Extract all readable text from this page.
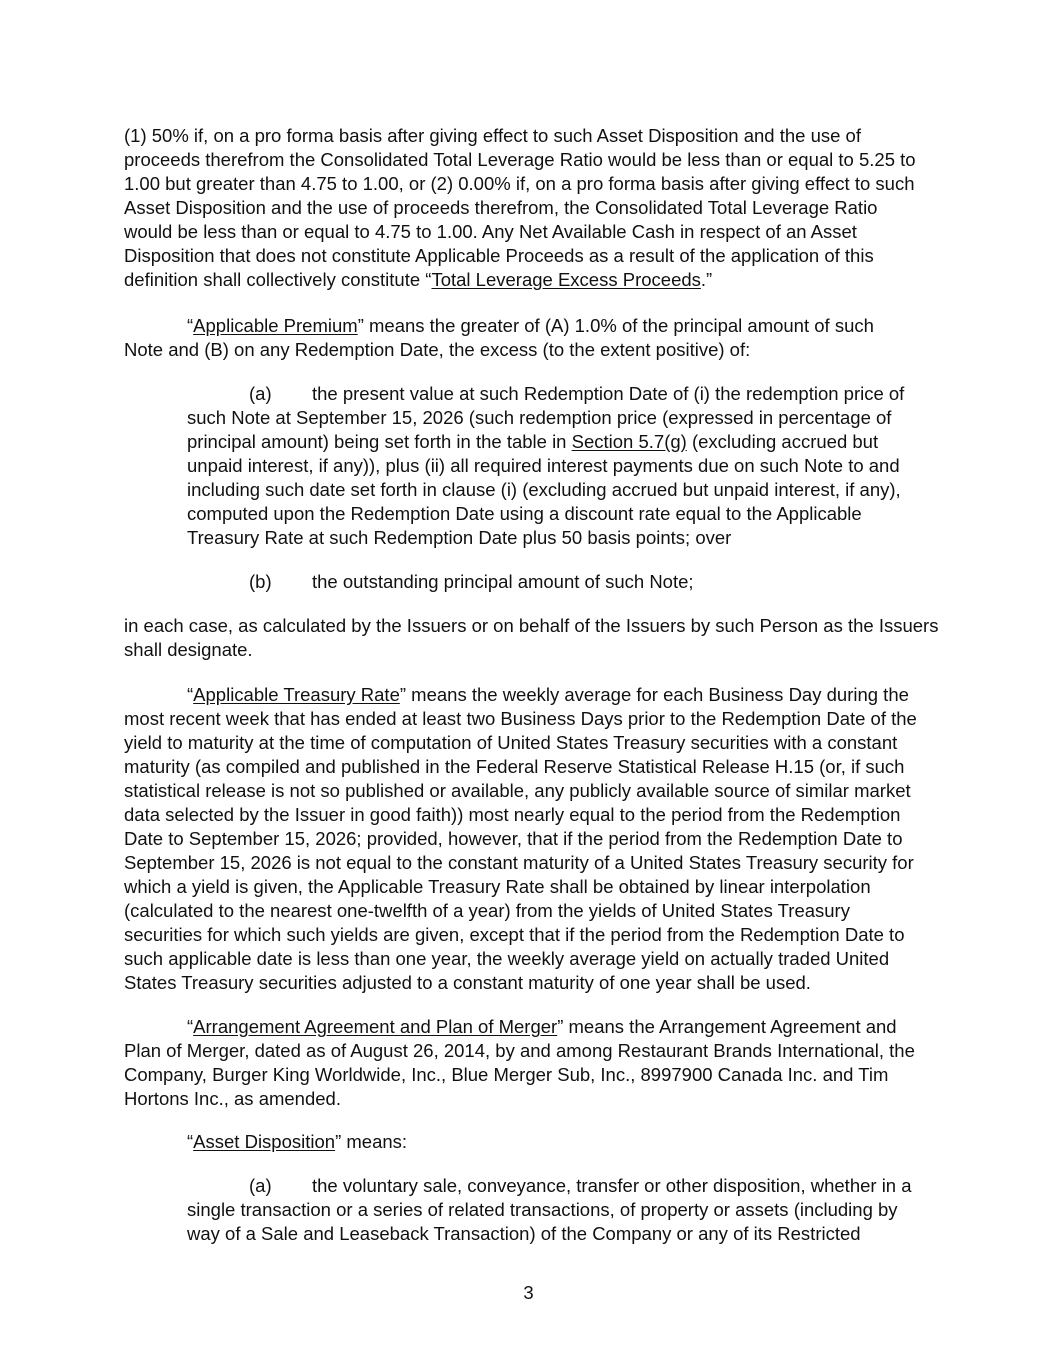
(1) 50% if, on a pro forma basis after giving effect to such Asset Disposition and the use of

proceeds therefrom the Consolidated Total Leverage Ratio would be less than or equal to 5.25 to

1.00 but greater than 4.75 to 1.00, or (2) 0.00% if, on a pro forma basis after giving effect to such

Asset Disposition and the use of proceeds therefrom, the Consolidated Total Leverage Ratio

would be less than or equal to 4.75 to 1.00. Any Net Available Cash in respect of an Asset

Disposition that does not constitute Applicable Proceeds as a result of the application of this

definition shall collectively constitute “Total Leverage Excess Proceeds.”

“Applicable Premium” means the greater of (A) 1.0% of the principal amount of such

Note and (B) on any Redemption Date, the excess (to the extent positive) of:

(a) the present value at such Redemption Date of (i) the redemption price of

such Note at September 15, 2026 (such redemption price (expressed in percentage of

principal amount) being set forth in the table in Section 5.7(g) (excluding accrued but

unpaid interest, if any)), plus (ii) all required interest payments due on such Note to and

including such date set forth in clause (i) (excluding accrued but unpaid interest, if any),

computed upon the Redemption Date using a discount rate equal to the Applicable

Treasury Rate at such Redemption Date plus 50 basis points; over

(b) the outstanding principal amount of such Note;

in each case, as calculated by the Issuers or on behalf of the Issuers by such Person as the Issuers

shall designate.

“Applicable Treasury Rate” means the weekly average for each Business Day during the

most recent week that has ended at least two Business Days prior to the Redemption Date of the

yield to maturity at the time of computation of United States Treasury securities with a constant

maturity (as compiled and published in the Federal Reserve Statistical Release H.15 (or, if such

statistical release is not so published or available, any publicly available source of similar market

data selected by the Issuer in good faith)) most nearly equal to the period from the Redemption

Date to September 15, 2026; provided, however, that if the period from the Redemption Date to

September 15, 2026 is not equal to the constant maturity of a United States Treasury security for

which a yield is given, the Applicable Treasury Rate shall be obtained by linear interpolation

(calculated to the nearest one-twelfth of a year) from the yields of United States Treasury

securities for which such yields are given, except that if the period from the Redemption Date to

such applicable date is less than one year, the weekly average yield on actually traded United

States Treasury securities adjusted to a constant maturity of one year shall be used.

“Arrangement Agreement and Plan of Merger” means the Arrangement Agreement and

Plan of Merger, dated as of August 26, 2014, by and among Restaurant Brands International, the

Company, Burger King Worldwide, Inc., Blue Merger Sub, Inc., 8997900 Canada Inc. and Tim

Hortons Inc., as amended.

“Asset Disposition” means:

(a) the voluntary sale, conveyance, transfer or other disposition, whether in a

single transaction or a series of related transactions, of property or assets (including by

way of a Sale and Leaseback Transaction) of the Company or any of its Restricted

3
